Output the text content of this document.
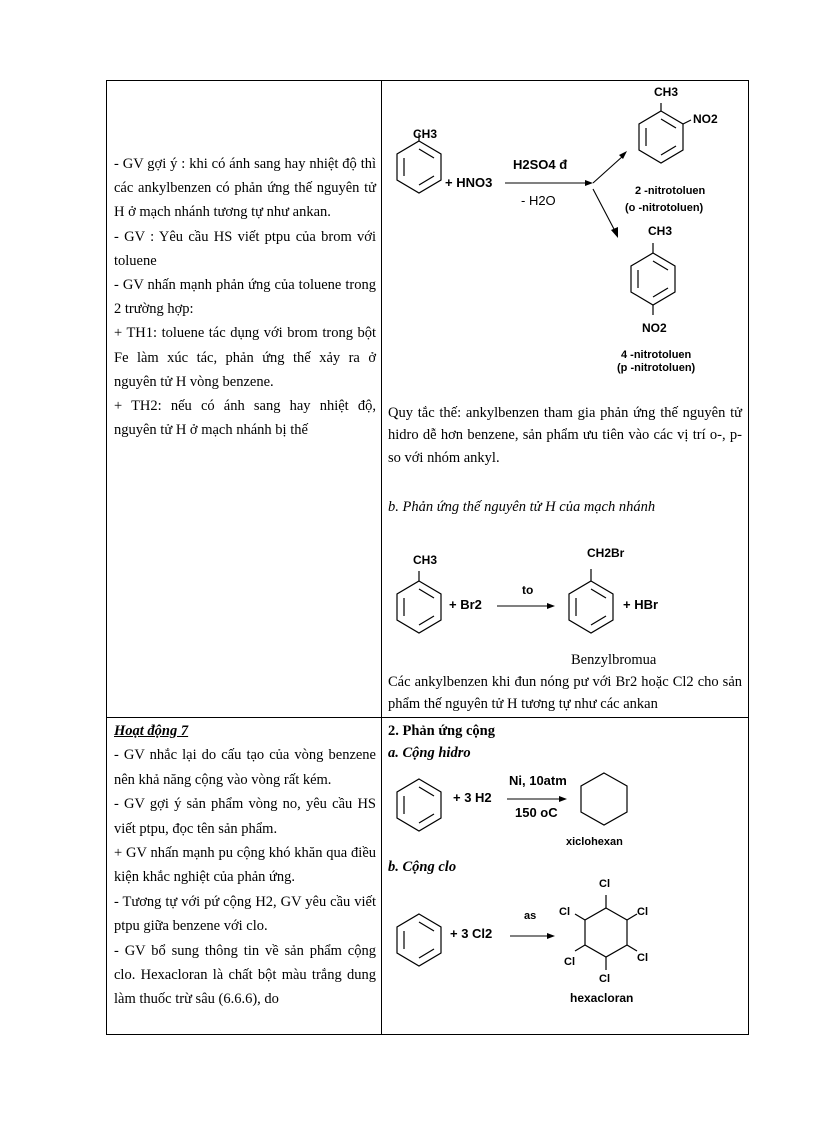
- GV gợi ý : khi có ánh sang hay nhiệt độ thì các ankylbenzen có phản ứng thế nguyên tử H ở mạch nhánh tương tự như ankan.

- GV : Yêu cầu HS viết ptpu của brom với toluene

- GV nhấn mạnh phản ứng của toluene trong 2 trường hợp:

+ TH1: toluene tác dụng với brom trong bột Fe làm xúc tác, phản ứng thế xảy ra ở nguyên tử H vòng benzene.

+ TH2: nếu có ánh sang hay nhiệt độ, nguyên tử H ở mạch nhánh bị thế

CH3
+ HNO3
H2SO4 đ
- H2O
CH3
NO2
2 -nitrotoluen
(o -nitrotoluen)
CH3
NO2
4 -nitrotoluen
(p -nitrotoluen)

Quy tắc thế: ankylbenzen tham gia phản ứng thế nguyên tử hidro dễ hơn benzene, sản phẩm ưu tiên vào các vị trí o-, p- so với nhóm ankyl.

b. Phản ứng thế nguyên tử H của mạch nhánh
CH3
+ Br2
to
CH2Br
+ HBr
Benzylbromua

Các ankylbenzen khi đun nóng pư với Br2 hoặc Cl2 cho sản phẩm thế nguyên tử H tương tự như các ankan

Hoạt động 7

- GV nhắc lại do cấu tạo của vòng benzene nên khả năng cộng vào vòng rất kém.

- GV gợi ý sản phẩm vòng no, yêu cầu HS viết ptpu, đọc tên sản phẩm.

+ GV nhấn mạnh pu cộng khó khăn qua điều kiện khắc nghiệt của phản ứng.

- Tương tự với pứ cộng H2, GV yêu cầu viết ptpu giữa benzene với clo.

- GV bổ sung thông tin về sản phẩm cộng clo. Hexacloran là chất bột màu trắng dung làm thuốc trừ sâu (6.6.6), do

2. Phản ứng cộng
a. Cộng hidro
+ 3 H2
Ni, 10atm
150 oC
xiclohexan
b. Cộng clo
+ 3 Cl2
as
Cl
Cl
Cl
Cl
Cl
Cl
hexacloran
